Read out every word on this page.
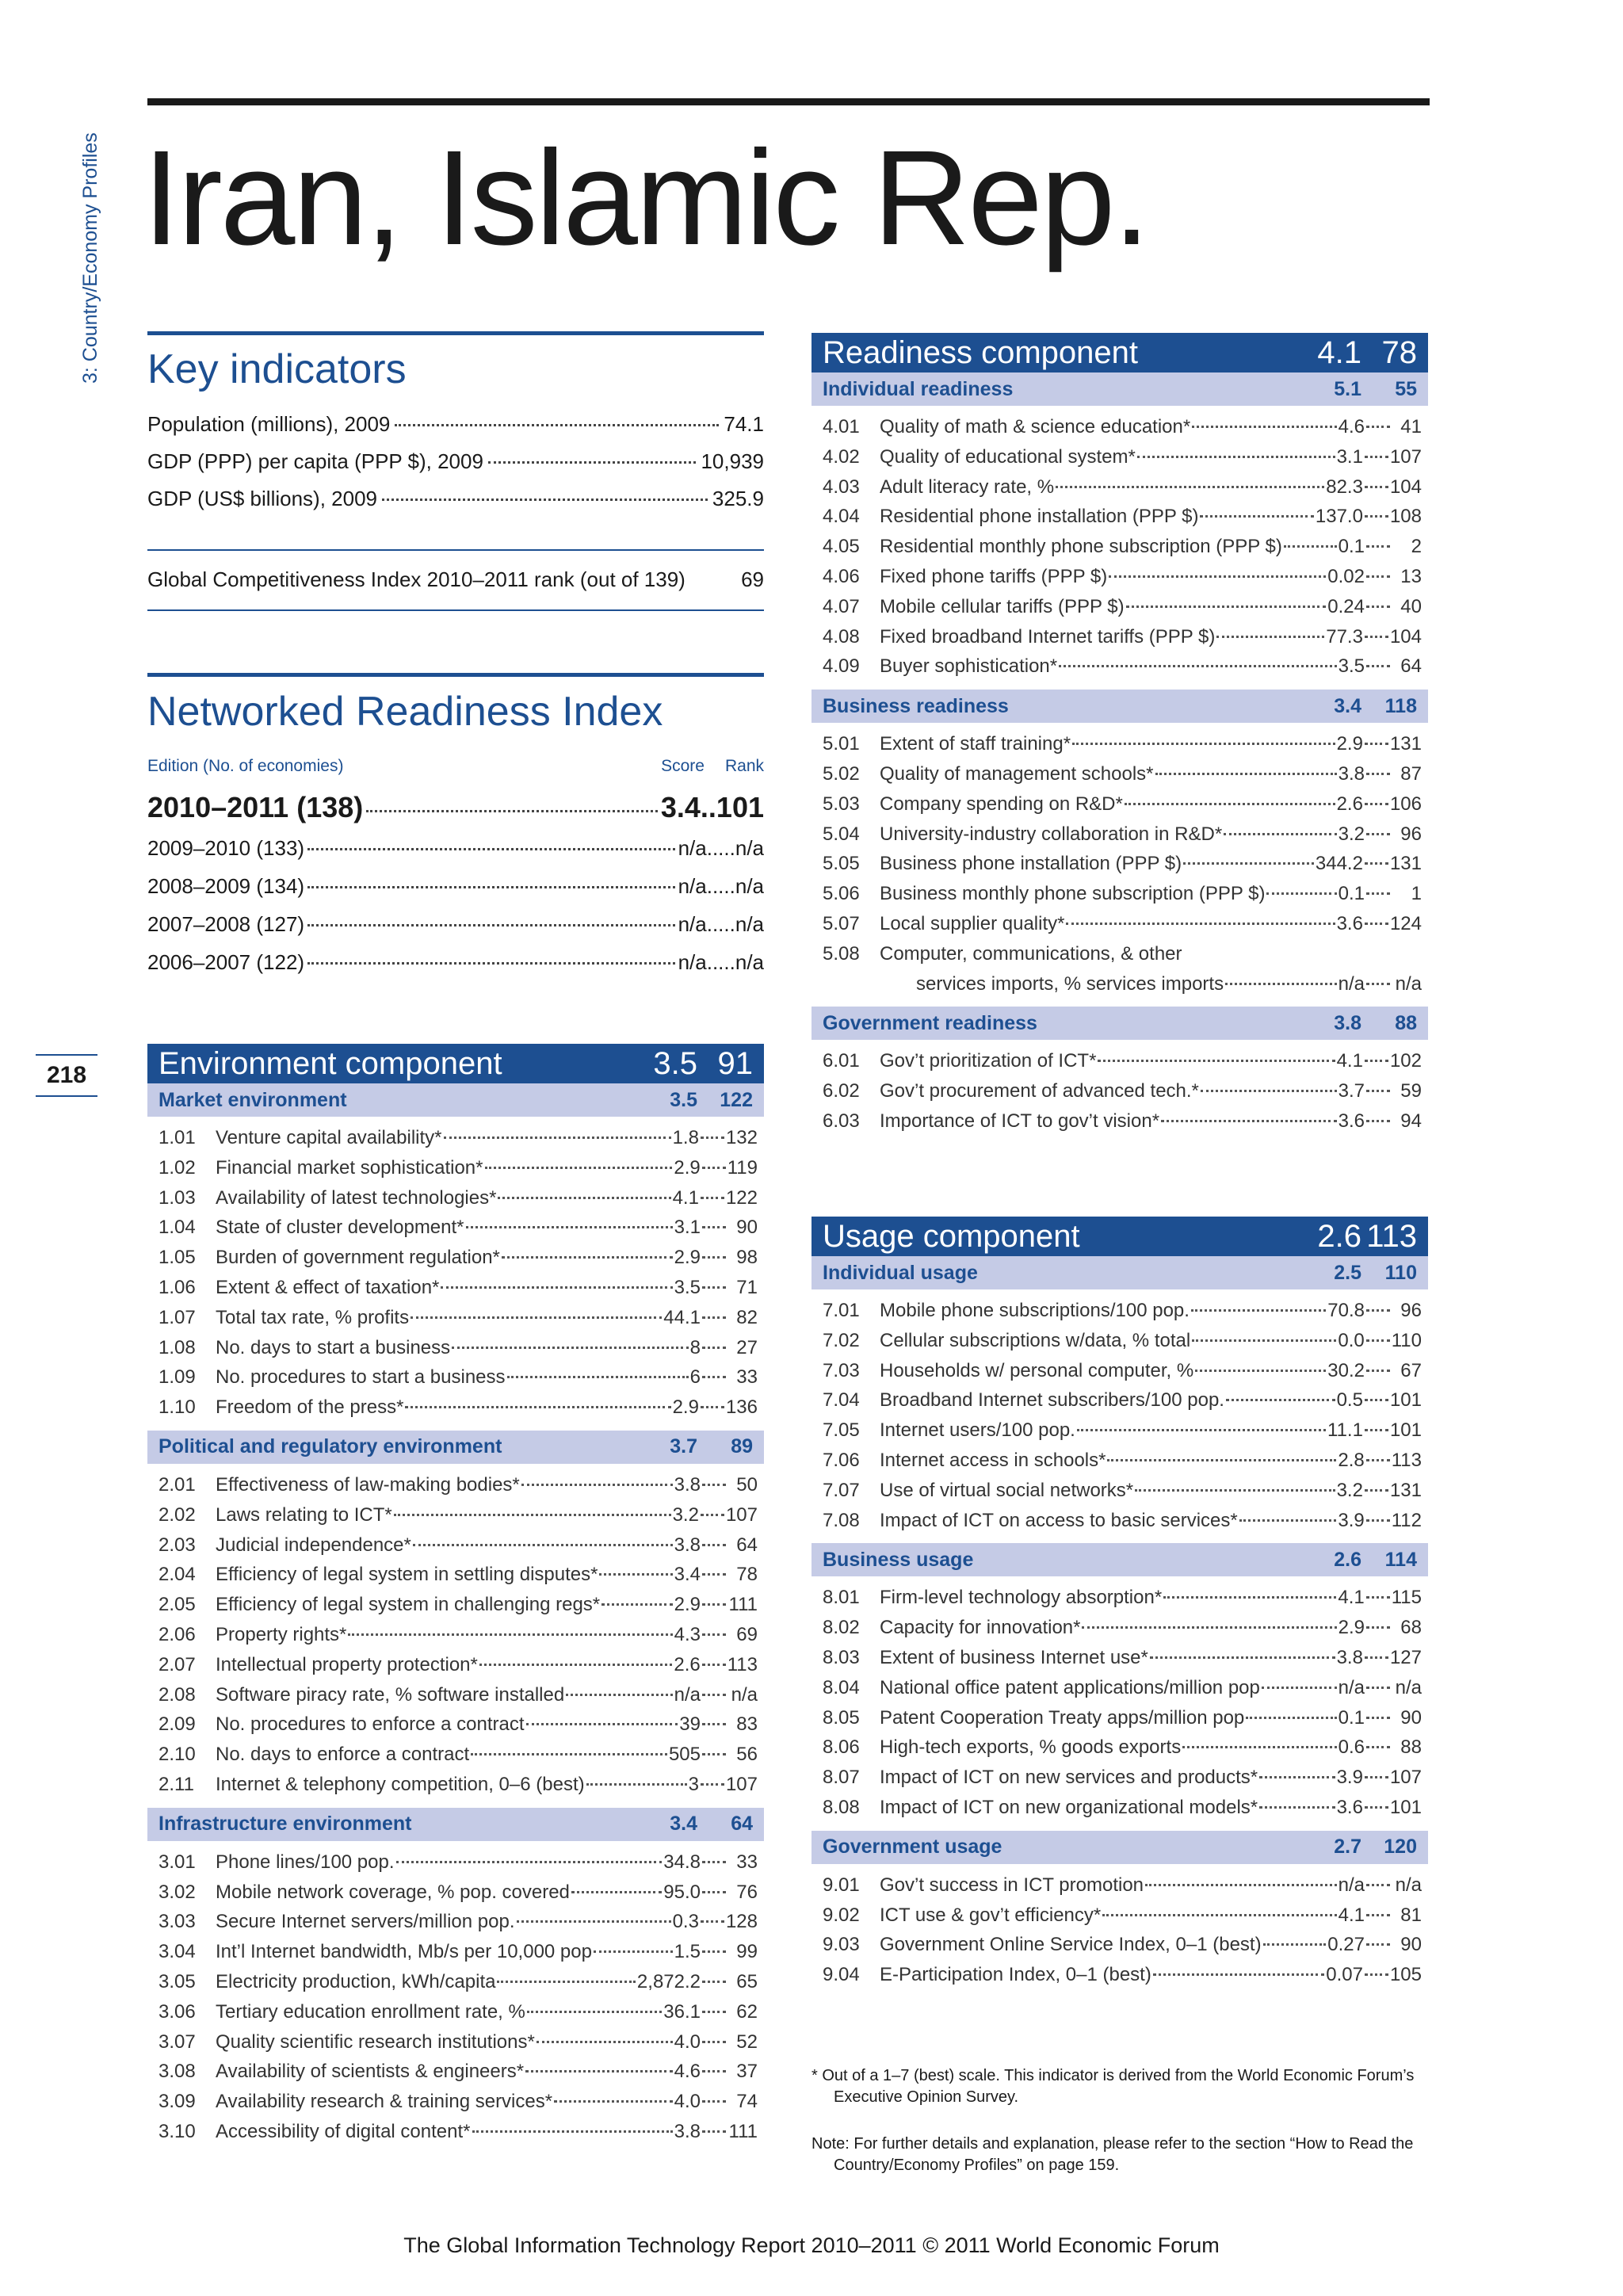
3: Country/Economy Profiles
218
Iran, Islamic Rep.
Key indicators
Population (millions), 2009	74.1
GDP (PPP) per capita (PPP $), 2009	10,939
GDP (US$ billions), 2009	325.9
Global Competitiveness Index 2010–2011 rank (out of 139)	69
Networked Readiness Index
Edition (No. of economies)	Score Rank
2010–2011 (138)	3.4..101
2009–2010 (133)	n/a.....n/a
2008–2009 (134)	n/a.....n/a
2007–2008 (127)	n/a.....n/a
2006–2007 (122)	n/a.....n/a
Environment component	3.5 91
Market environment	3.5	122
1.01	Venture capital availability*	1.8 132
1.02	Financial market sophistication*	2.9 119
1.03	Availability of latest technologies*	4.1 122
1.04	State of cluster development*	3.1	90
1.05	Burden of government regulation*	2.9	98
1.06	Extent & effect of taxation*	3.5	71
1.07	Total tax rate, % profits	44.1	82
1.08	No. days to start a business	8	27
1.09	No. procedures to start a business	6	33
1.10	Freedom of the press*	2.9 136
Political and regulatory environment	3.7	89
2.01	Effectiveness of law-making bodies*	3.8	50
2.02	Laws relating to ICT*	3.2 107
2.03	Judicial independence*	3.8	64
2.04	Efficiency of legal system in settling disputes*	3.4	78
2.05	Efficiency of legal system in challenging regs*	2.9 111
2.06	Property rights*	4.3	69
2.07	Intellectual property protection*	2.6 113
2.08	Software piracy rate, % software installed	n/a n/a
2.09	No. procedures to enforce a contract	39	83
2.10	No. days to enforce a contract	505	56
2.11	Internet & telephony competition, 0–6 (best)	3 107
Infrastructure environment	3.4	64
3.01	Phone lines/100 pop.	34.8	33
3.02	Mobile network coverage, % pop. covered	95.0	76
3.03	Secure Internet servers/million pop.	0.3 128
3.04	Int’l Internet bandwidth, Mb/s per 10,000 pop	1.5	99
3.05	Electricity production, kWh/capita	2,872.2	65
3.06	Tertiary education enrollment rate, %	36.1	62
3.07	Quality scientific research institutions*	4.0	52
3.08	Availability of scientists & engineers*	4.6	37
3.09	Availability research & training services*	4.0	74
3.10	Accessibility of digital content*	3.8 111
Readiness component	4.1 78
Individual readiness	5.1	55
4.01	Quality of math & science education*	4.6	41
4.02	Quality of educational system*	3.1 107
4.03	Adult literacy rate, %	82.3 104
4.04	Residential phone installation (PPP $)	137.0 108
4.05	Residential monthly phone subscription (PPP $)	0.1	2
4.06	Fixed phone tariffs (PPP $)	0.02	13
4.07	Mobile cellular tariffs (PPP $)	0.24	40
4.08	Fixed broadband Internet tariffs (PPP $)	77.3 104
4.09	Buyer sophistication*	3.5	64
Business readiness	3.4	118
5.01	Extent of staff training*	2.9 131
5.02	Quality of management schools*	3.8	87
5.03	Company spending on R&D*	2.6 106
5.04	University-industry collaboration in R&D*	3.2	96
5.05	Business phone installation (PPP $)	344.2 131
5.06	Business monthly phone subscription (PPP $)	0.1	1
5.07	Local supplier quality*	3.6 124
5.08	Computer, communications, & other
services imports, % services imports	n/a n/a
Government readiness	3.8	88
6.01	Gov’t prioritization of ICT*	4.1 102
6.02	Gov’t procurement of advanced tech.*	3.7	59
6.03	Importance of ICT to gov’t vision*	3.6	94
Usage component	2.6 113
Individual usage	2.5	110
7.01	Mobile phone subscriptions/100 pop.	70.8	96
7.02	Cellular subscriptions w/data, % total	0.0 110
7.03	Households w/ personal computer, %	30.2	67
7.04	Broadband Internet subscribers/100 pop.	0.5 101
7.05	Internet users/100 pop.	11.1 101
7.06	Internet access in schools*	2.8 113
7.07	Use of virtual social networks*	3.2 131
7.08	Impact of ICT on access to basic services*	3.9 112
Business usage	2.6	114
8.01	Firm-level technology absorption*	4.1 115
8.02	Capacity for innovation*	2.9	68
8.03	Extent of business Internet use*	3.8 127
8.04	National office patent applications/million pop	n/a n/a
8.05	Patent Cooperation Treaty apps/million pop	0.1	90
8.06	High-tech exports, % goods exports	0.6	88
8.07	Impact of ICT on new services and products*	3.9 107
8.08	Impact of ICT on new organizational models*	3.6 101
Government usage	2.7	120
9.01	Gov’t success in ICT promotion	n/a n/a
9.02	ICT use & gov’t efficiency*	4.1	81
9.03	Government Online Service Index, 0–1 (best)	0.27	90
9.04	E-Participation Index, 0–1 (best)	0.07 105
* Out of a 1–7 (best) scale. This indicator is derived from the World Economic Forum’s Executive Opinion Survey.
Note: For further details and explanation, please refer to the section “How to Read the Country/Economy Profiles” on page 159.
The Global Information Technology Report 2010–2011 © 2011 World Economic Forum
